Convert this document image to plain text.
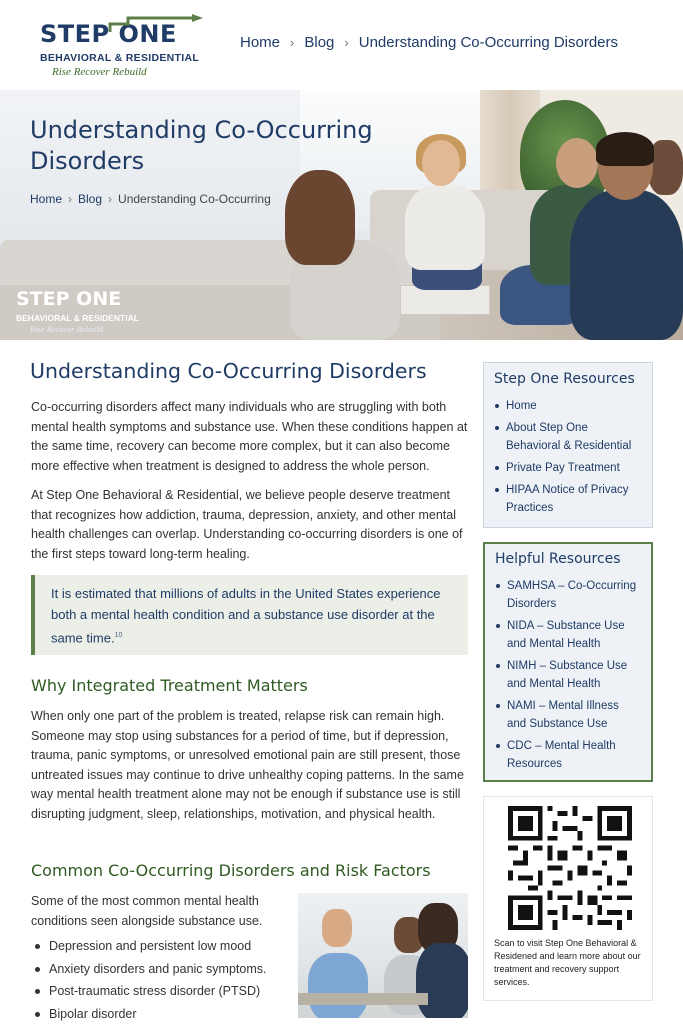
STEP ONE
BEHAVIORAL & RESIDENTIAL
Rise Recover Rebuild
Home › Blog › Understanding Co-Occurring Disorders
Understanding Co-Occurring
Disorders
Home › Blog › Understanding Co-Occurring
STEP ONE
BEHAVIORAL & RESIDENTIAL
Rise Recover Rebuild
Understanding Co-Occurring Disorders

Co-occurring disorders affect many individuals who are struggling with both mental health symptoms and substance use. When these conditions happen at the same time, recovery can become more complex, but it can also become more effective when treatment is designed to address the whole person.

At Step One Behavioral & Residential, we believe people deserve treatment that recognizes how addiction, trauma, depression, anxiety, and other mental health challenges can overlap. Understanding co-occurring disorders is one of the first steps toward long-term healing.

It is estimated that millions of adults in the United States experience both a mental health condition and a substance use disorder at the same time.$^{10}$
Why Integrated Treatment Matters

When only one part of the problem is treated, relapse risk can remain high. Someone may stop using substances for a period of time, but if depression, trauma, panic symptoms, or unresolved emotional pain are still present, those untreated issues may continue to drive unhealthy coping patterns. In the same way mental health treatment alone may not be enough if substance use is still disrupting judgment, sleep, relationships, motivation, and physical health.

Common Co-Occurring Disorders and Risk Factors

Some of the most common mental health conditions seen alongside substance use.

Depression and persistent low mood
Anxiety disorders and panic symptoms.
Post-traumatic stress disorder (PTSD)
Bipolar disorder
Step One Resources
Home
About Step One Behavioral & Residential
Private Pay Treatment
HIPAA Notice of Privacy Practices
Helpful Resources
SAMHSA – Co-Occurring Disorders
NIDA – Substance Use and Mental Health
NIMH – Substance Use and Mental Health
NAMI – Mental Illness and Substance Use
CDC – Mental Health Resources
Scan to visit Step One Behavioral & Residened and learn more about our treatment and recovery support services.
